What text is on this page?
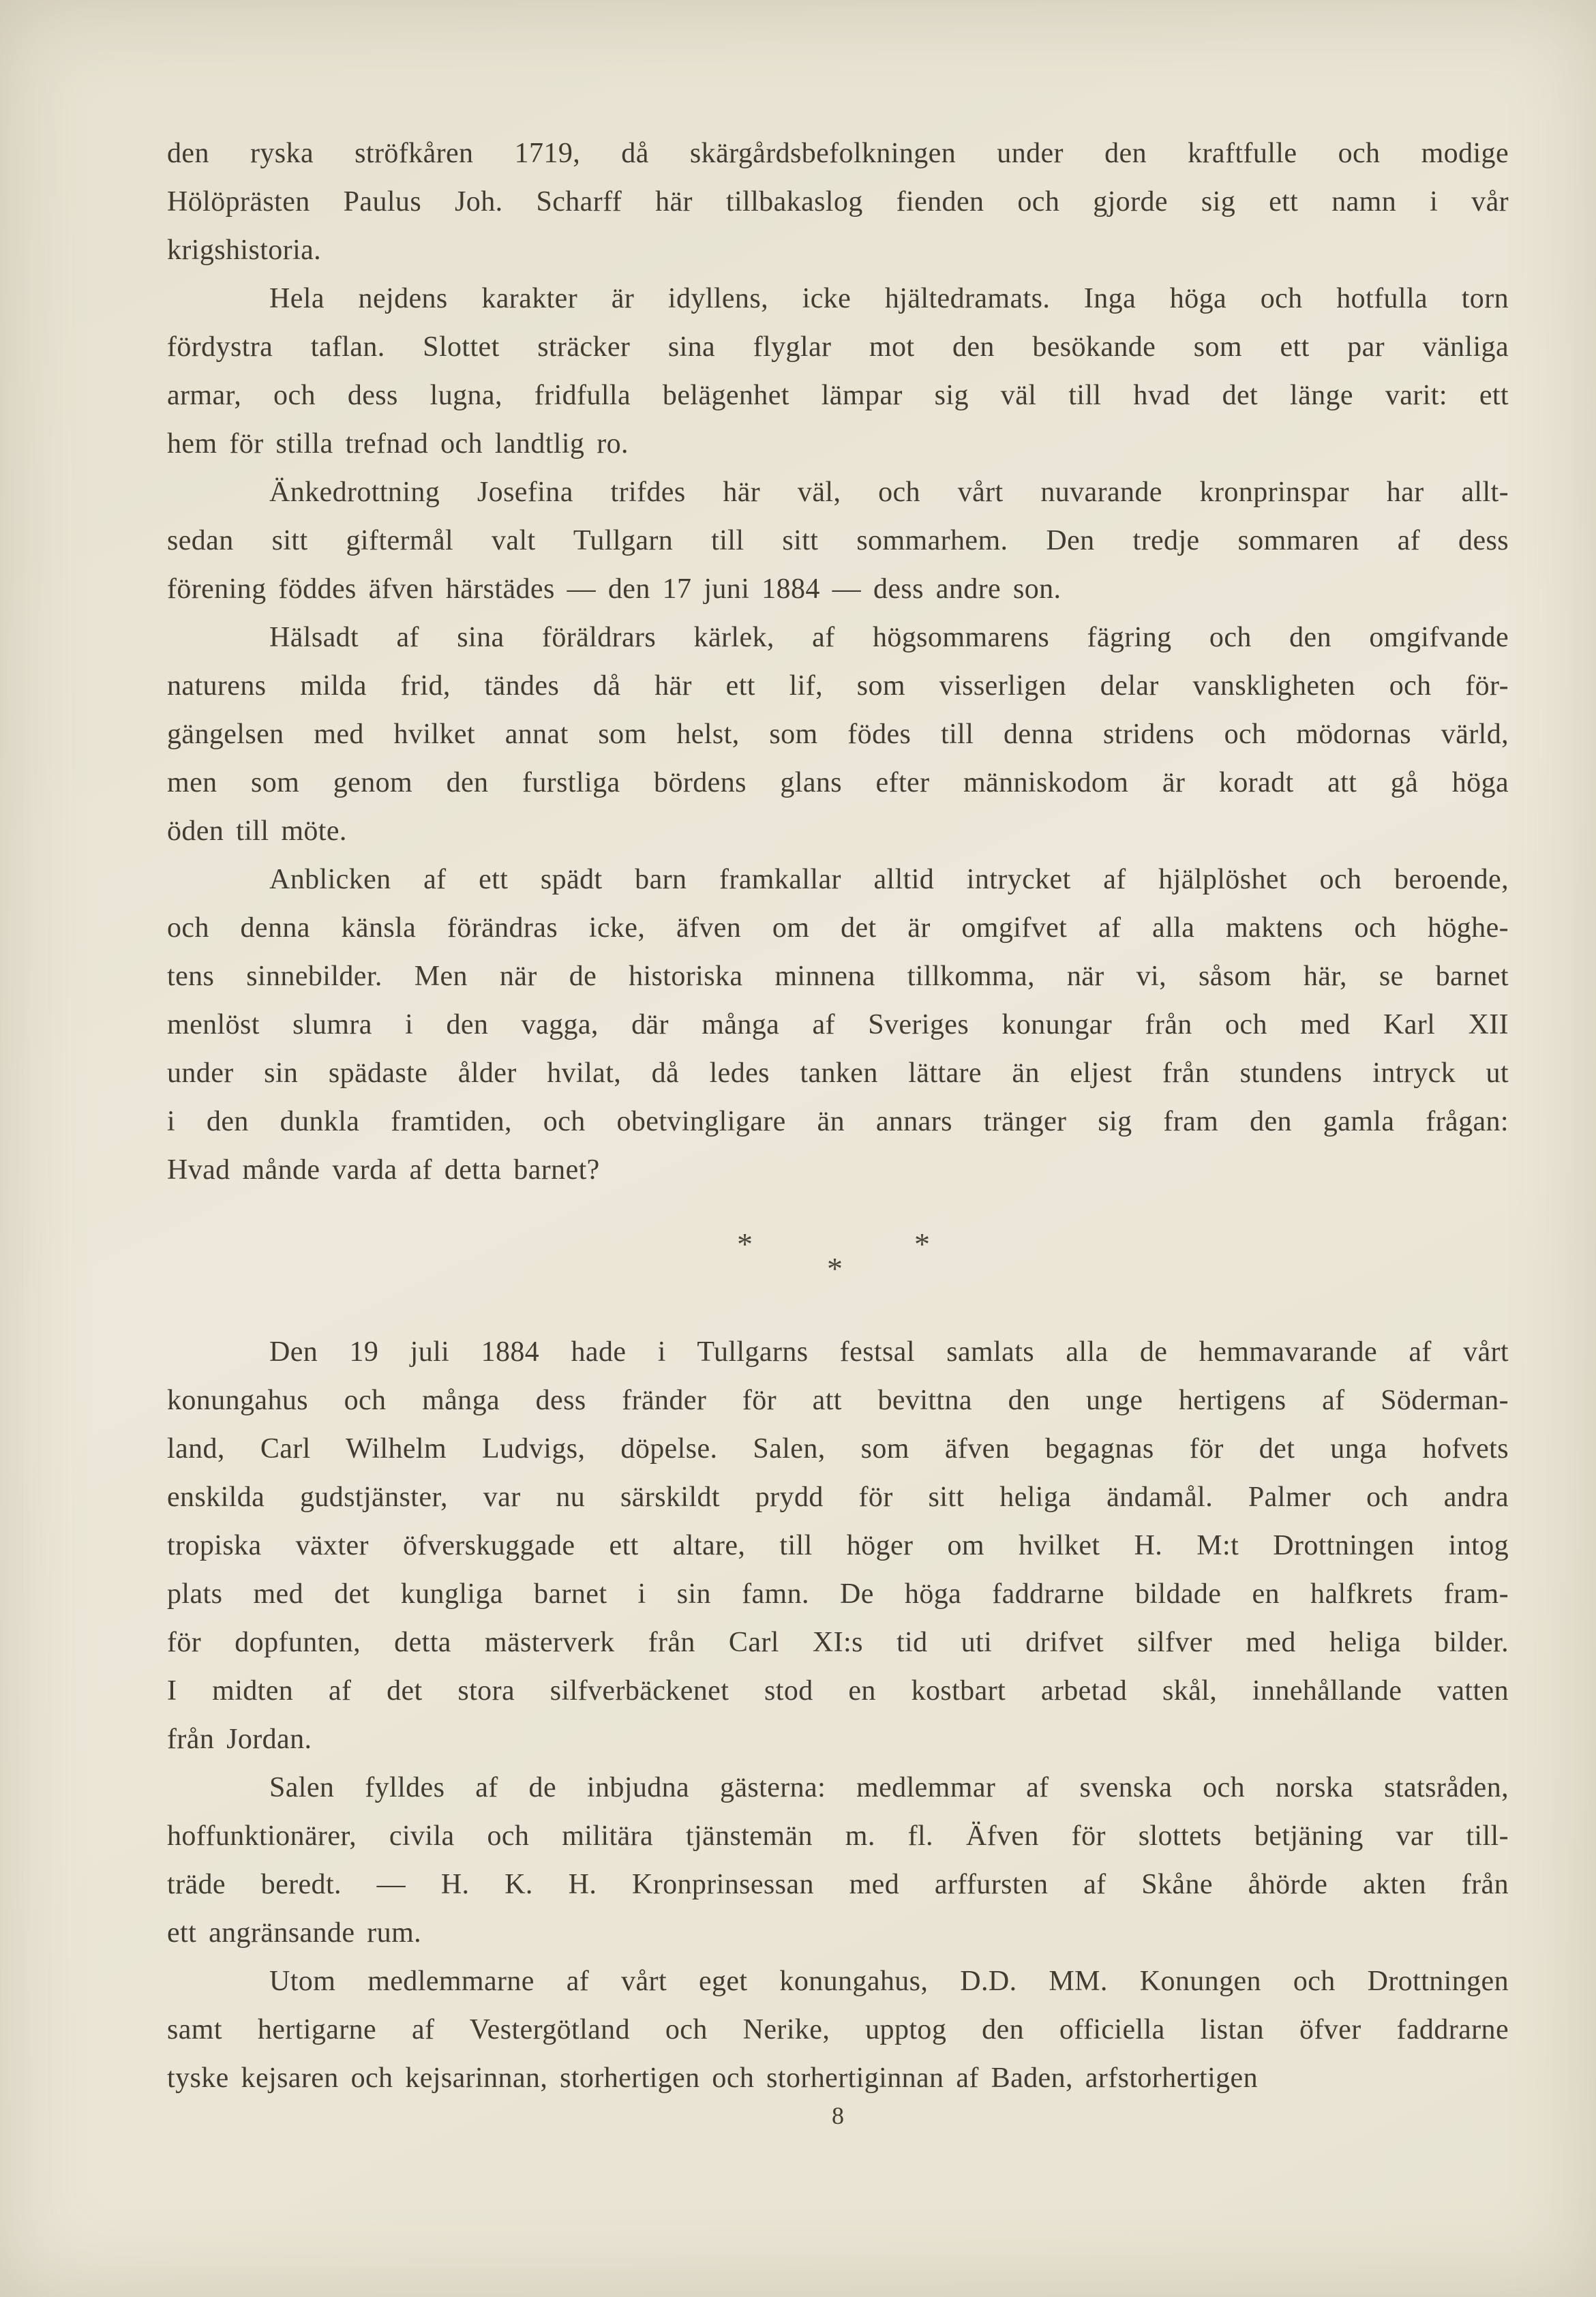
den ryska ströfkåren 1719, då skärgårdsbefolkningen under den kraftfulle och modige
Hölöprästen Paulus Joh. Scharff här tillbakaslog fienden och gjorde sig ett namn i vår
krigshistoria.
Hela nejdens karakter är idyllens, icke hjältedramats. Inga höga och hotfulla torn
fördystra taflan. Slottet sträcker sina flyglar mot den besökande som ett par vänliga
armar, och dess lugna, fridfulla belägenhet lämpar sig väl till hvad det länge varit: ett
hem för stilla trefnad och landtlig ro.
Änkedrottning Josefina trifdes här väl, och vårt nuvarande kronprinspar har allt-
sedan sitt giftermål valt Tullgarn till sitt sommarhem. Den tredje sommaren af dess
förening föddes äfven härstädes — den 17 juni 1884 — dess andre son.
Hälsadt af sina föräldrars kärlek, af högsommarens fägring och den omgifvande
naturens milda frid, tändes då här ett lif, som visserligen delar vanskligheten och för-
gängelsen med hvilket annat som helst, som födes till denna stridens och mödornas värld,
men som genom den furstliga bördens glans efter människodom är koradt att gå höga
öden till möte.
Anblicken af ett spädt barn framkallar alltid intrycket af hjälplöshet och beroende,
och denna känsla förändras icke, äfven om det är omgifvet af alla maktens och höghe-
tens sinnebilder. Men när de historiska minnena tillkomma, när vi, såsom här, se barnet
menlöst slumra i den vagga, där många af Sveriges konungar från och med Karl XII
under sin spädaste ålder hvilat, då ledes tanken lättare än eljest från stundens intryck ut
i den dunkla framtiden, och obetvingligare än annars tränger sig fram den gamla frågan:
Hvad månde varda af detta barnet?
*	*
*
Den 19 juli 1884 hade i Tullgarns festsal samlats alla de hemmavarande af vårt
konungahus och många dess fränder för att bevittna den unge hertigens af Söderman-
land, Carl Wilhelm Ludvigs, döpelse. Salen, som äfven begagnas för det unga hofvets
enskilda gudstjänster, var nu särskildt prydd för sitt heliga ändamål. Palmer och andra
tropiska växter öfverskuggade ett altare, till höger om hvilket H. M:t Drottningen intog
plats med det kungliga barnet i sin famn. De höga faddrarne bildade en halfkrets fram-
för dopfunten, detta mästerverk från Carl XI:s tid uti drifvet silfver med heliga bilder.
I midten af det stora silfverbäckenet stod en kostbart arbetad skål, innehållande vatten
från Jordan.
Salen fylldes af de inbjudna gästerna: medlemmar af svenska och norska statsråden,
hoffunktionärer, civila och militära tjänstemän m. fl. Äfven för slottets betjäning var till-
träde beredt. — H. K. H. Kronprinsessan med arffursten af Skåne åhörde akten från
ett angränsande rum.
Utom medlemmarne af vårt eget konungahus, D.D. MM. Konungen och Drottningen
samt hertigarne af Vestergötland och Nerike, upptog den officiella listan öfver faddrarne
tyske kejsaren och kejsarinnan, storhertigen och storhertiginnan af Baden, arfstorhertigen
8
